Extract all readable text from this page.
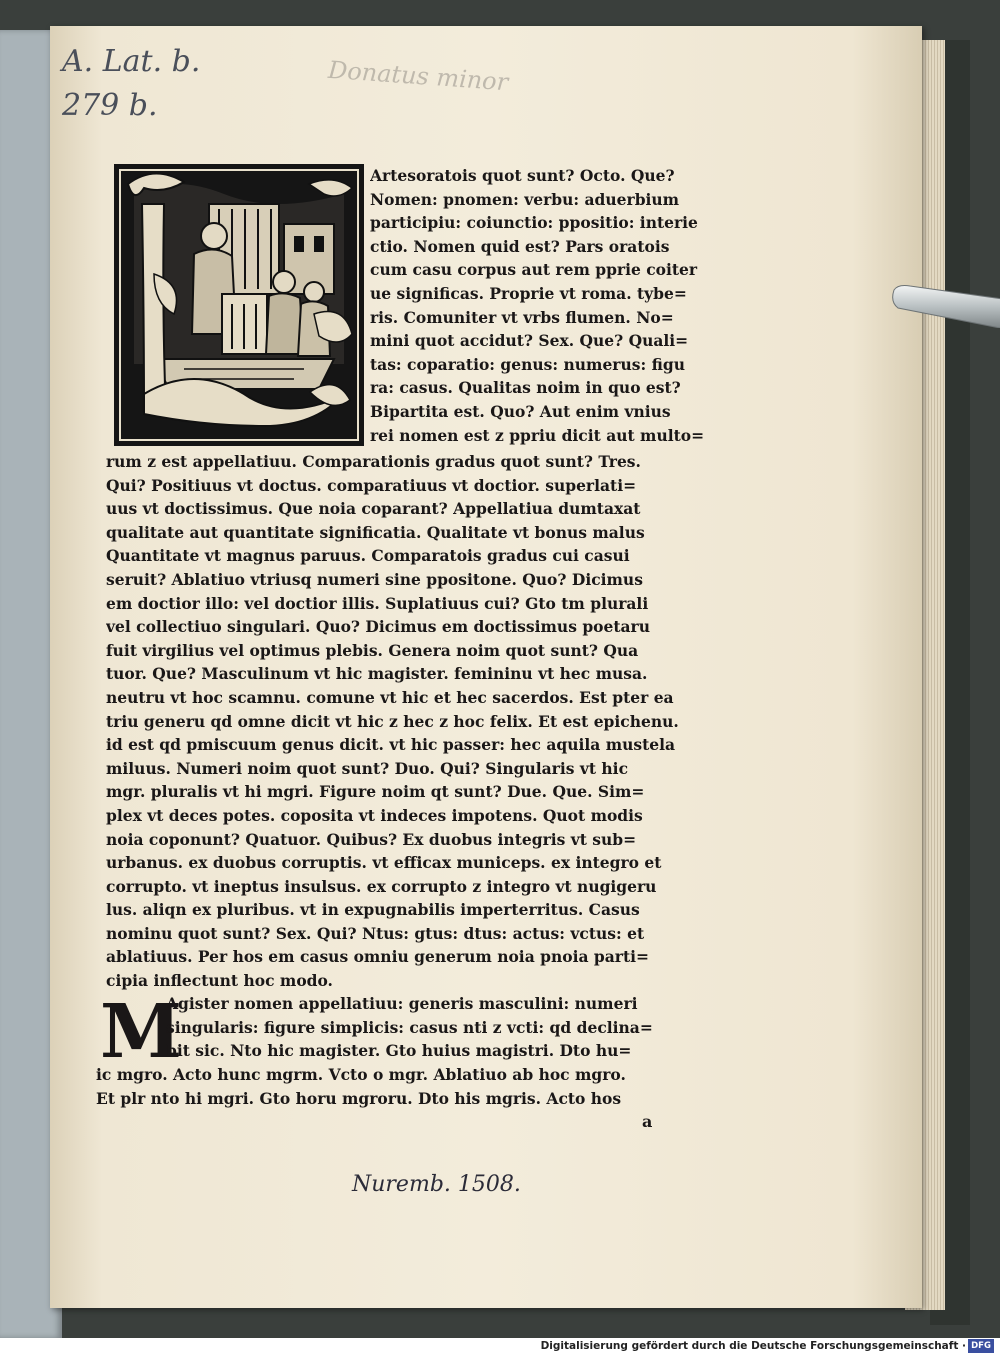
A. Lat. b.
279 b.
Donatus minor
Artesoratois quot sunt? Octo. Que?
Nomen: pnomen: verbu: aduerbium
participiu: coiunctio: ppositio: interie
ctio. Nomen quid est? Pars oratois
cum casu corpus aut rem pprie coiter
ue significas. Proprie vt roma. tybe=
ris. Comuniter vt vrbs flumen. No=
mini quot accidut? Sex. Que? Quali=
tas: coparatio: genus: numerus: figu
ra: casus. Qualitas noim in quo est?
Bipartita est. Quo? Aut enim vnius
rei nomen est z ppriu dicit aut multo=
rum z est appellatiuu. Comparationis gradus quot sunt? Tres.
Qui? Positiuus vt doctus. comparatiuus vt doctior. superlati=
uus vt doctissimus. Que noia coparant? Appellatiua dumtaxat
qualitate aut quantitate significatia. Qualitate vt bonus malus
Quantitate vt magnus paruus. Comparatois gradus cui casui
seruit? Ablatiuo vtriusq numeri sine ppositone. Quo? Dicimus
em doctior illo: vel doctior illis. Suplatiuus cui? Gto tm plurali
vel collectiuo singulari. Quo? Dicimus em doctissimus poetaru
fuit virgilius vel optimus plebis. Genera noim quot sunt? Qua
tuor. Que? Masculinum vt hic magister. femininu vt hec musa.
neutru vt hoc scamnu. comune vt hic et hec sacerdos. Est pter ea
triu generu qd omne dicit vt hic z hec z hoc felix. Et est epichenu.
id est qd pmiscuum genus dicit. vt hic passer: hec aquila mustela
miluus. Numeri noim quot sunt? Duo. Qui? Singularis vt hic
mgr. pluralis vt hi mgri. Figure noim qt sunt? Due. Que. Sim=
plex vt deces potes. coposita vt indeces impotens. Quot modis
noia coponunt? Quatuor. Quibus? Ex duobus integris vt sub=
urbanus. ex duobus corruptis. vt efficax municeps. ex integro et
corrupto. vt ineptus insulsus. ex corrupto z integro vt nugigeru
lus. aliqn ex pluribus. vt in expugnabilis imperterritus. Casus
nominu quot sunt? Sex. Qui? Ntus: gtus: dtus: actus: vctus: et
ablatiuus. Per hos em casus omniu generum noia pnoia parti=
cipia inflectunt hoc modo.
M
Agister nomen appellatiuu: generis masculini: numeri
singularis: figure simplicis: casus nti z vcti: qd declina=
bit sic. Nto hic magister. Gto huius magistri. Dto hu=
ic mgro. Acto hunc mgrm. Vcto o mgr. Ablatiuo ab hoc mgro.
Et plr nto hi mgri. Gto horu mgroru. Dto his mgris. Acto hos
a
Nuremb. 1508.
Digitalisierung gefördert durch die Deutsche Forschungsgemeinschaft · DFG
